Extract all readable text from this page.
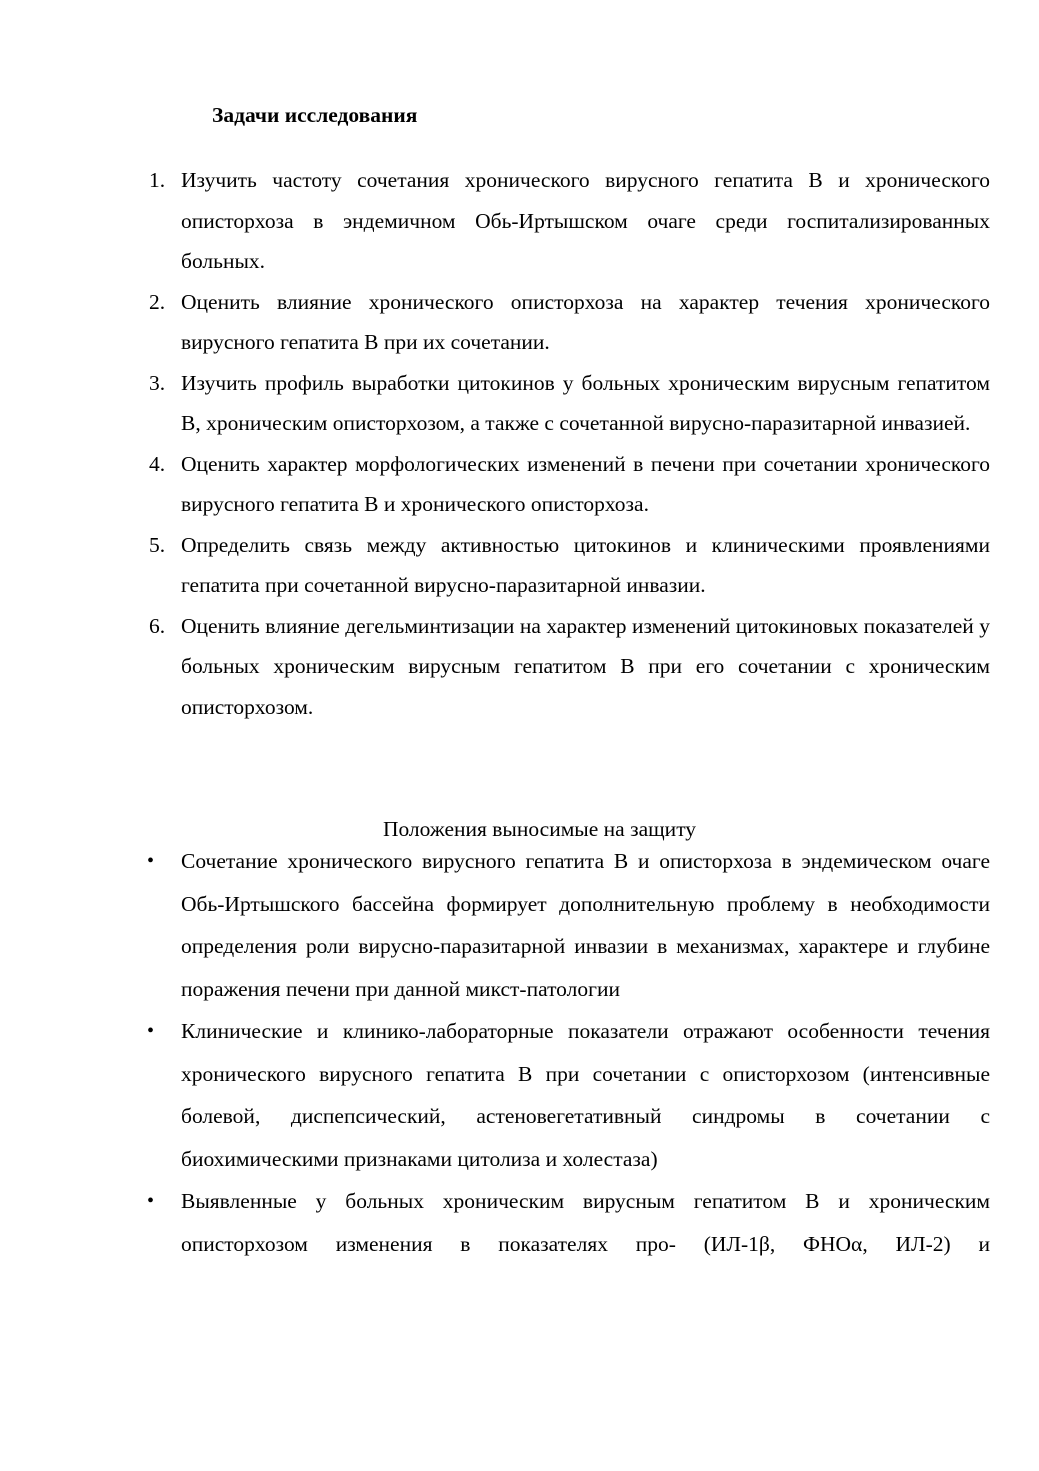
Задачи исследования
1. Изучить частоту сочетания хронического вирусного гепатита В и хронического описторхоза в эндемичном Обь-Иртышском очаге среди госпитализированных больных.
2. Оценить влияние хронического описторхоза на характер течения хронического вирусного гепатита В при их сочетании.
3. Изучить профиль выработки цитокинов у больных хроническим вирусным гепатитом В, хроническим описторхозом, а также с сочетанной вирусно-паразитарной инвазией.
4. Оценить характер морфологических изменений в печени при сочетании хронического вирусного гепатита В и хронического описторхоза.
5. Определить связь между активностью цитокинов и клиническими проявлениями гепатита при сочетанной вирусно-паразитарной инвазии.
6. Оценить влияние дегельминтизации на характер изменений цитокиновых показателей у больных хроническим вирусным гепатитом В при его сочетании с хроническим описторхозом.
Положения выносимые на защиту
• Сочетание хронического вирусного гепатита В и описторхоза в эндемическом очаге Обь-Иртышского бассейна формирует дополнительную проблему в необходимости определения роли вирусно-паразитарной инвазии в механизмах, характере и глубине поражения печени при данной микст-патологии
• Клинические и клинико-лабораторные показатели отражают особенности течения хронического вирусного гепатита В при сочетании с описторхозом (интенсивные болевой, диспепсический, астеновегетативный синдромы в сочетании с биохимическими признаками цитолиза и холестаза)
• Выявленные у больных хроническим вирусным гепатитом В и хроническим описторхозом изменения в показателях про- (ИЛ-1β, ФНОα, ИЛ-2) и
